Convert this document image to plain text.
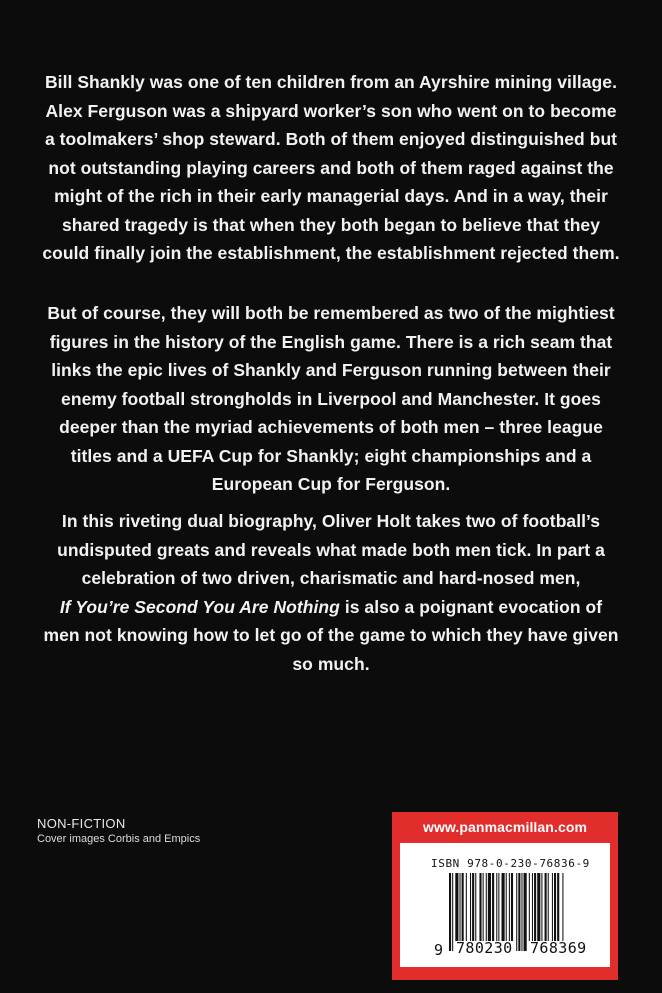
Bill Shankly was one of ten children from an Ayrshire mining village. Alex Ferguson was a shipyard worker’s son who went on to become a toolmakers’ shop steward. Both of them enjoyed distinguished but not outstanding playing careers and both of them raged against the might of the rich in their early managerial days. And in a way, their shared tragedy is that when they both began to believe that they could finally join the establishment, the establishment rejected them.

But of course, they will both be remembered as two of the mightiest figures in the history of the English game. There is a rich seam that links the epic lives of Shankly and Ferguson running between their enemy football strongholds in Liverpool and Manchester. It goes deeper than the myriad achievements of both men – three league titles and a UEFA Cup for Shankly; eight championships and a European Cup for Ferguson.

In this riveting dual biography, Oliver Holt takes two of football’s undisputed greats and reveals what made both men tick. In part a celebration of two driven, charismatic and hard-nosed men,
If You’re Second You Are Nothing is also a poignant evocation of men not knowing how to let go of the game to which they have given so much.

NON-FICTION
Cover images Corbis and Empics
www.panmacmillan.com
ISBN 978-0-230-76836-9
9 780230 768369
